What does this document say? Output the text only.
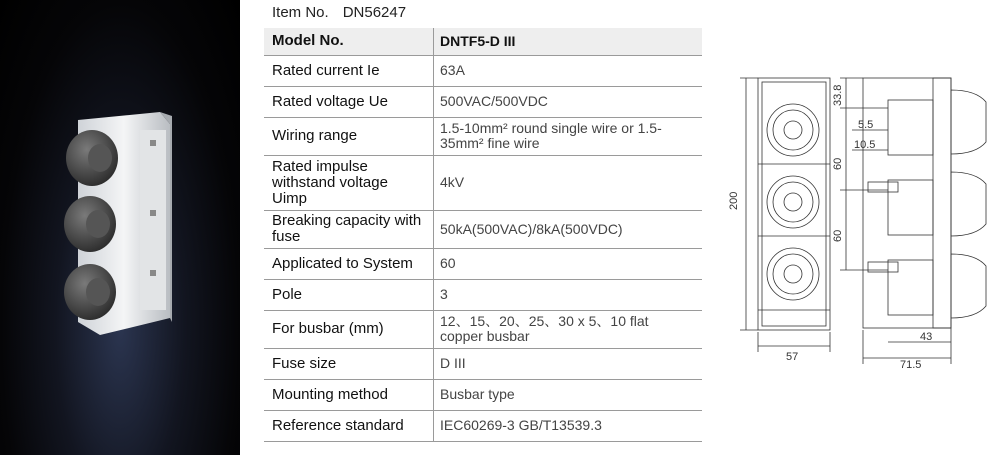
Item No. DN56247
Model No.	DNTF5-D III
Rated current Ie	63A
Rated voltage Ue	500VAC/500VDC
Wiring range	1.5-10mm² round single wire or 1.5-35mm² fine wire
Rated impulse withstand voltage Uimp	4kV
Breaking capacity with fuse	50kA(500VAC)/8kA(500VDC)
Applicated to System	60
Pole	3
For busbar (mm)	12、15、20、25、30 x 5、10 flat copper busbar
Fuse size	D III
Mounting method	Busbar type
Reference standard	IEC60269-3 GB/T13539.3
200
57
33.8
5.5
10.5
60
60
43
71.5
